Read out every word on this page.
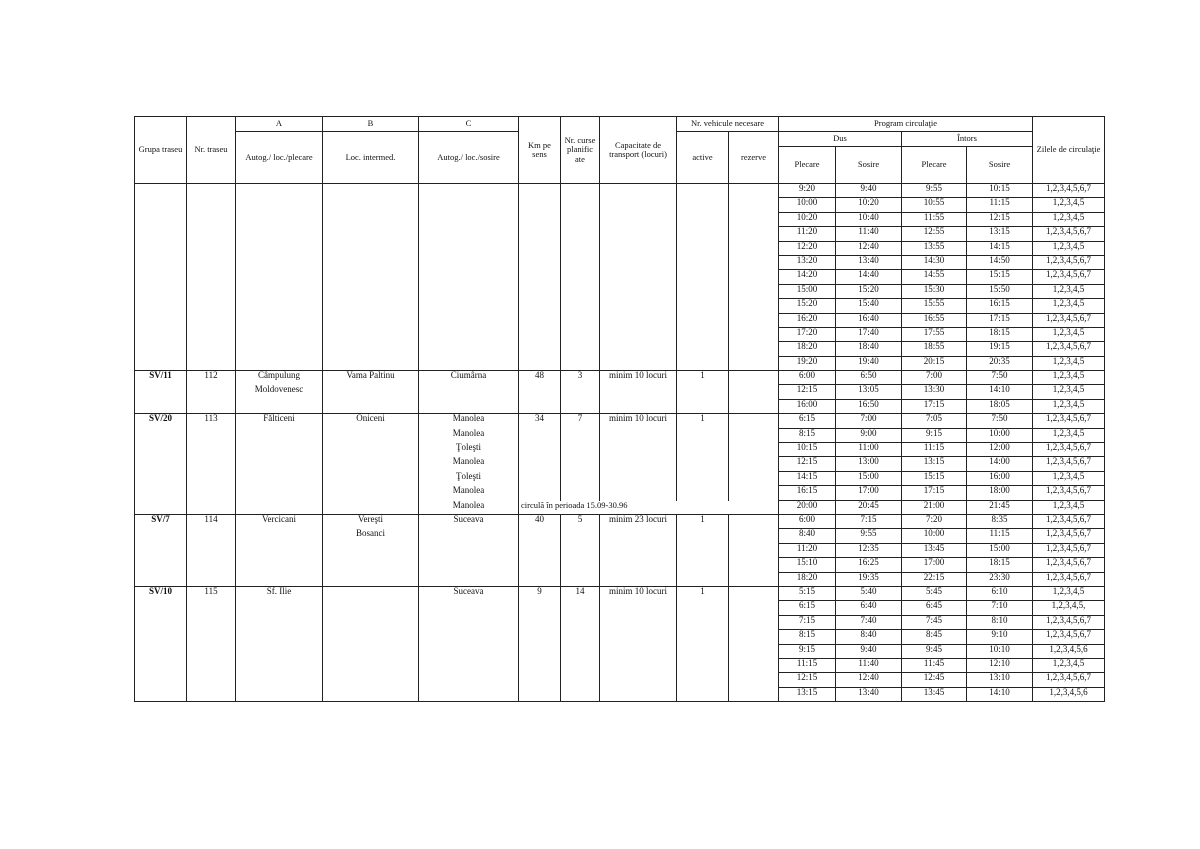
Grupa traseu	Nr. traseu	A	B	C	Km pe sens	Nr. curse planific ate	Capacitate de transport (locuri)	Nr. vehicule necesare		Program circulaţie				Zilele de circulaţie
		Autog./ loc./plecare	Loc. intermed.	Autog./ loc./sosire				active	rezerve	Dus		Întors		
										Plecare	Sosire	Plecare	Sosire	
										9:20	9:40	9:55	10:15	1,2,3,4,5,6,7
										10:00	10:20	10:55	11:15	1,2,3,4,5
										10:20	10:40	11:55	12:15	1,2,3,4,5
										11:20	11:40	12:55	13:15	1,2,3,4,5,6,7
										12:20	12:40	13:55	14:15	1,2,3,4,5
										13:20	13:40	14:30	14:50	1,2,3,4,5,6,7
										14:20	14:40	14:55	15:15	1,2,3,4,5,6,7
										15:00	15:20	15:30	15:50	1,2,3,4,5
										15:20	15:40	15:55	16:15	1,2,3,4,5
										16:20	16:40	16:55	17:15	1,2,3,4,5,6,7
										17:20	17:40	17:55	18:15	1,2,3,4,5
										18:20	18:40	18:55	19:15	1,2,3,4,5,6,7
										19:20	19:40	20:15	20:35	1,2,3,4,5
SV/11	112	Câmpulung	Vama Paltinu	Ciumârna	48	3	minim 10 locuri	1		6:00	6:50	7:00	7:50	1,2,3,4,5
		Moldovenesc								12:15	13:05	13:30	14:10	1,2,3,4,5
										16:00	16:50	17:15	18:05	1,2,3,4,5
SV/20	113	Fălticeni	Oniceni	Manolea	34	7	minim 10 locuri	1		6:15	7:00	7:05	7:50	1,2,3,4,5,6,7
				Manolea						8:15	9:00	9:15	10:00	1,2,3,4,5
				Ţoleşti						10:15	11:00	11:15	12:00	1,2,3,4,5,6,7
				Manolea						12:15	13:00	13:15	14:00	1,2,3,4,5,6,7
				Ţoleşti						14:15	15:00	15:15	16:00	1,2,3,4,5
				Manolea						16:15	17:00	17:15	18:00	1,2,3,4,5,6,7
				Manolea	circulă în perioada 15.09-30.96					20:00	20:45	21:00	21:45	1,2,3,4,5
SV/7	114	Vercicani	Vereşti	Suceava	40	5	minim 23 locuri	1		6:00	7:15	7:20	8:35	1,2,3,4,5,6,7
			Bosanci							8:40	9:55	10:00	11:15	1,2,3,4,5,6,7
										11:20	12:35	13:45	15:00	1,2,3,4,5,6,7
										15:10	16:25	17:00	18:15	1,2,3,4,5,6,7
										18:20	19:35	22:15	23:30	1,2,3,4,5,6,7
SV/10	115	Sf. Ilie		Suceava	9	14	minim 10 locuri	1		5:15	5:40	5:45	6:10	1,2,3,4,5
										6:15	6:40	6:45	7:10	1,2,3,4,5,
										7:15	7:40	7:45	8:10	1,2,3,4,5,6,7
										8:15	8:40	8:45	9:10	1,2,3,4,5,6,7
										9:15	9:40	9:45	10:10	1,2,3,4,5,6
										11:15	11:40	11:45	12:10	1,2,3,4,5
										12:15	12:40	12:45	13:10	1,2,3,4,5,6,7
										13:15	13:40	13:45	14:10	1,2,3,4,5,6
